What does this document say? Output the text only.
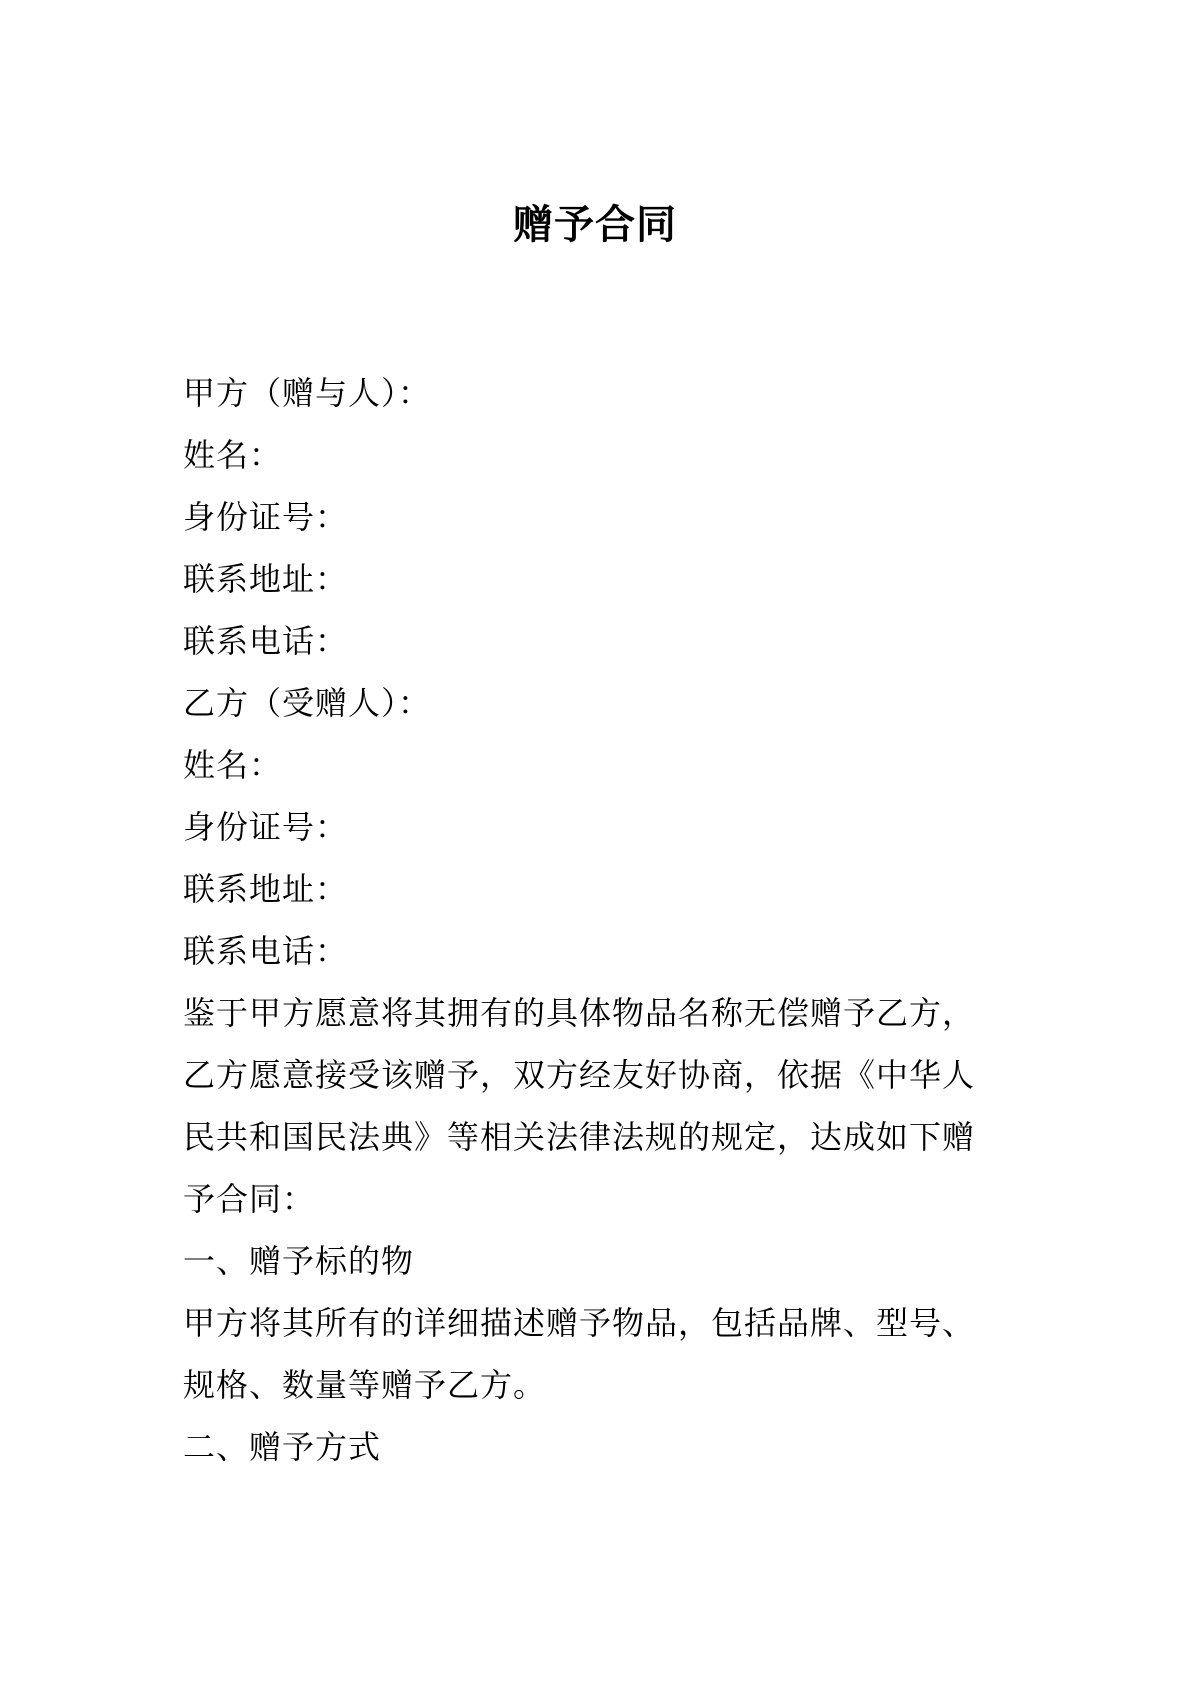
赠予合同

甲方（赠与人）：

姓名：

身份证号：

联系地址：

联系电话：

乙方（受赠人）：

姓名：

身份证号：

联系地址：

联系电话：

鉴于甲方愿意将其拥有的具体物品名称无偿赠予乙方，

乙方愿意接受该赠予，双方经友好协商，依据《中华人

民共和国民法典》等相关法律法规的规定，达成如下赠

予合同：

一、赠予标的物

甲方将其所有的详细描述赠予物品，包括品牌、型号、

规格、数量等赠予乙方。

二、赠予方式
